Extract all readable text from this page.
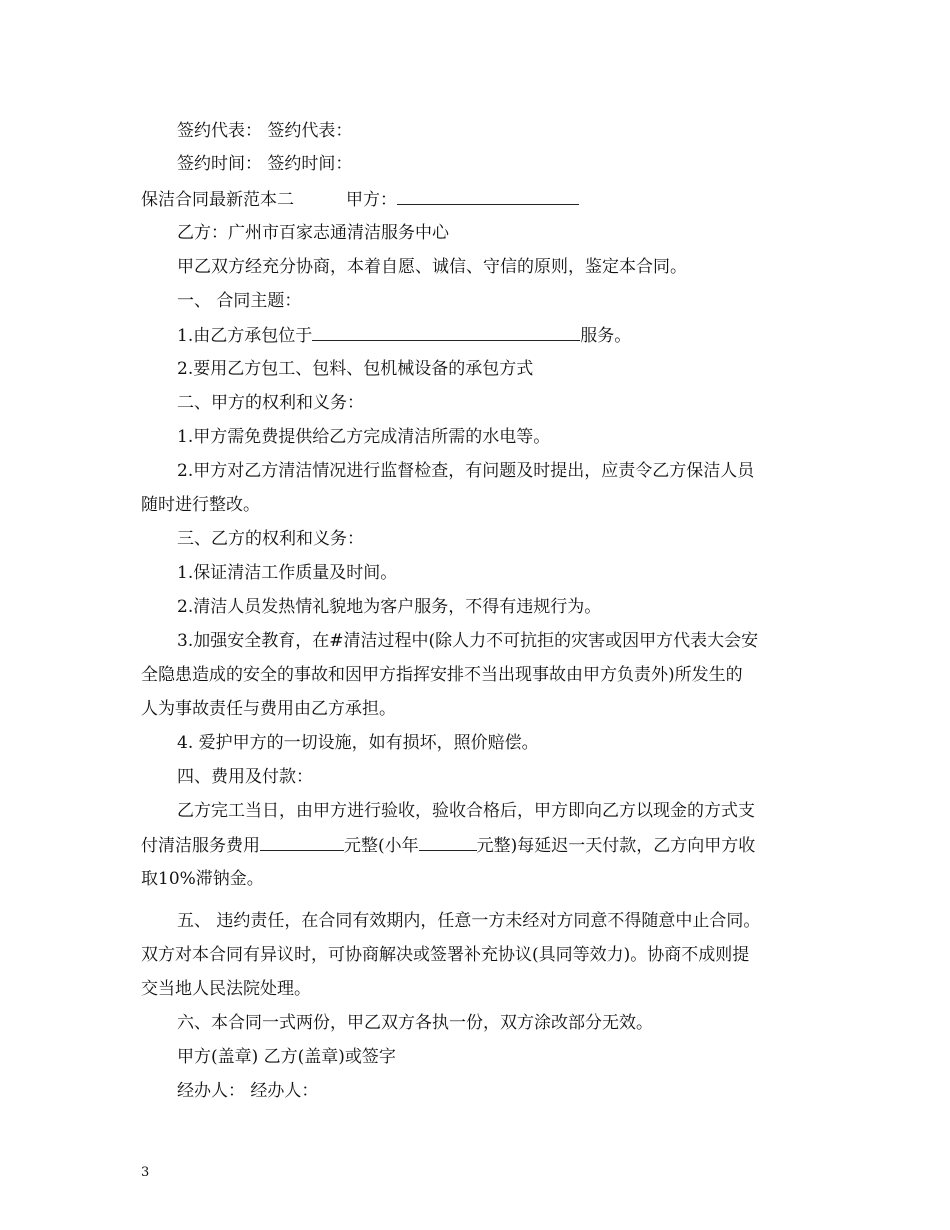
签约代表： 签约代表：
签约时间： 签约时间：
保洁合同最新范本二	甲方：
乙方：广州市百家志通清洁服务中心
甲乙双方经充分协商，本着自愿、诚信、守信的原则，鉴定本合同。
一、 合同主题：
1.由乙方承包位于	服务。
2.要用乙方包工、包料、包机械设备的承包方式
二、甲方的权利和义务：
1.甲方需免费提供给乙方完成清洁所需的水电等。
2.甲方对乙方清洁情况进行监督检查，有问题及时提出，应责令乙方保洁人员
随时进行整改。
三、乙方的权利和义务：
1.保证清洁工作质量及时间。
2.清洁人员发热情礼貌地为客户服务，不得有违规行为。
3.加强安全教育，在#清洁过程中(除人力不可抗拒的灾害或因甲方代表大会安
全隐患造成的安全的事故和因甲方指挥安排不当出现事故由甲方负责外)所发生的
人为事故责任与费用由乙方承担。
4. 爱护甲方的一切设施，如有损坏，照价赔偿。
四、费用及付款：
乙方完工当日，由甲方进行验收，验收合格后，甲方即向乙方以现金的方式支
付清洁服务费用	元整(小年	元整)每延迟一天付款，乙方向甲方收
取10%滞钠金。
五、 违约责任，在合同有效期内，任意一方未经对方同意不得随意中止合同。
双方对本合同有异议时，可协商解决或签署补充协议(具同等效力)。协商不成则提
交当地人民法院处理。
六、本合同一式两份，甲乙双方各执一份，双方涂改部分无效。
甲方(盖章) 乙方(盖章)或签字
经办人： 经办人：
3
